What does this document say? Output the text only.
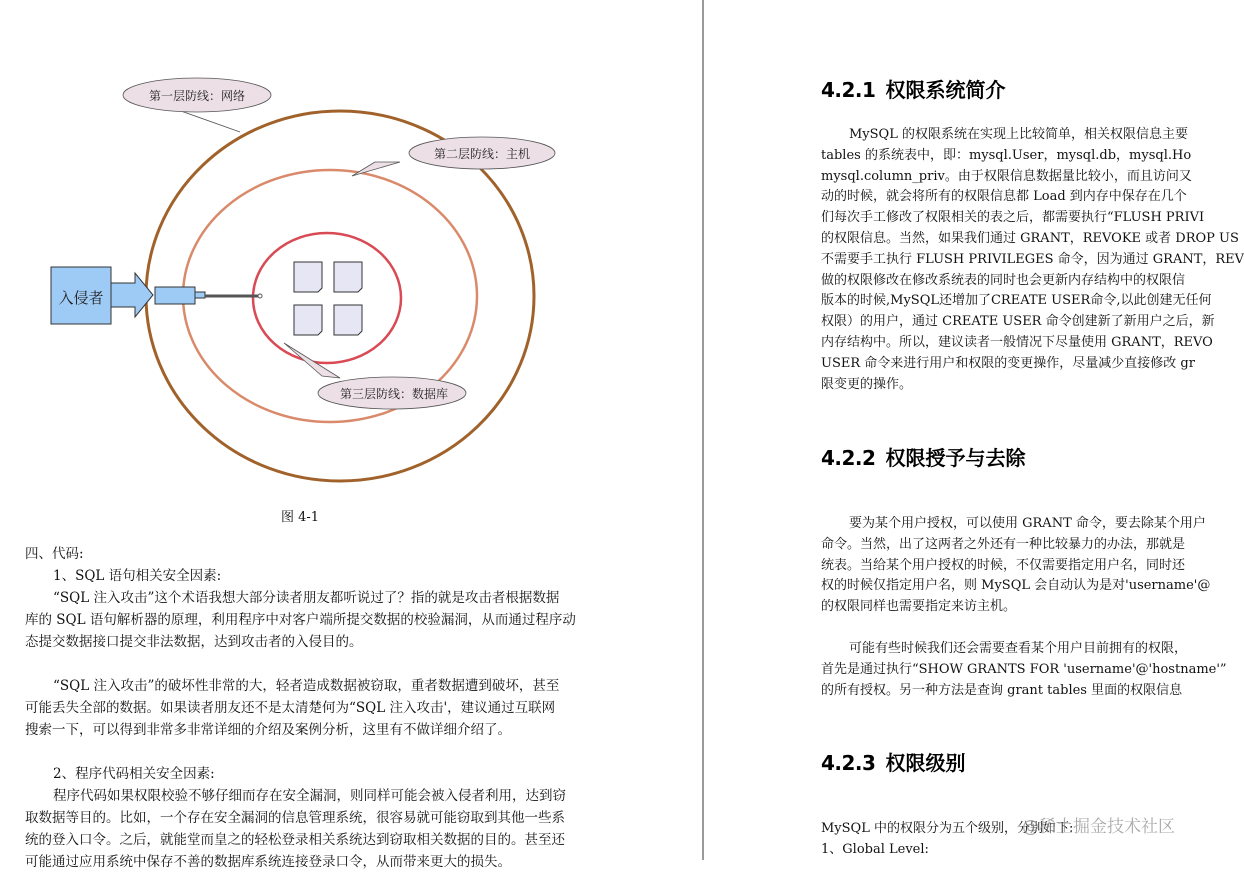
入侵者
第一层防线：网络
第二层防线：主机
第三层防线：数据库
图 4-1

四、代码:

1、SQL 语句相关安全因素:

“SQL 注入攻击”这个术语我想大部分读者朋友都听说过了？指的就是攻击者根据数据

库的 SQL 语句解析器的原理，利用程序中对客户端所提交数据的校验漏洞，从而通过程序动

态提交数据接口提交非法数据，达到攻击者的入侵目的。

“SQL 注入攻击”的破坏性非常的大，轻者造成数据被窃取，重者数据遭到破坏，甚至

可能丢失全部的数据。如果读者朋友还不是太清楚何为“SQL 注入攻击'，建议通过互联网

搜索一下，可以得到非常多非常详细的介绍及案例分析，这里有不做详细介绍了。

2、程序代码相关安全因素:

程序代码如果权限校验不够仔细而存在安全漏洞，则同样可能会被入侵者利用，达到窃

取数据等目的。比如，一个存在安全漏洞的信息管理系统，很容易就可能窃取到其他一些系

统的登入口令。之后，就能堂而皇之的轻松登录相关系统达到窃取相关数据的目的。甚至还

可能通过应用系统中保存不善的数据库系统连接登录口令，从而带来更大的损失。

4.2.1 权限系统简介

MySQL 的权限系统在实现上比较简单，相关权限信息主要

tables 的系统表中，即：mysql.User，mysql.db，mysql.Ho

mysql.column_priv。由于权限信息数据量比较小，而且访问又

动的时候，就会将所有的权限信息都 Load 到内存中保存在几个

们每次手工修改了权限相关的表之后，都需要执行“FLUSH PRIVI

的权限信息。当然，如果我们通过 GRANT，REVOKE 或者 DROP US

不需要手工执行 FLUSH PRIVILEGES 命令，因为通过 GRANT，REV

做的权限修改在修改系统表的同时也会更新内存结构中的权限信

版本的时候,MySQL还增加了CREATE USER命令,以此创建无任何

权限）的用户，通过 CREATE USER 命令创建新了新用户之后，新

内存结构中。所以，建议读者一般情况下尽量使用 GRANT，REVO

USER 命令来进行用户和权限的变更操作，尽量减少直接修改 gr

限变更的操作。

4.2.2 权限授予与去除

要为某个用户授权，可以使用 GRANT 命令，要去除某个用户

命令。当然，出了这两者之外还有一种比较暴力的办法，那就是

统表。当给某个用户授权的时候，不仅需要指定用户名，同时还

权的时候仅指定用户名，则 MySQL 会自动认为是对'username'@

的权限同样也需要指定来访主机。

可能有些时候我们还会需要查看某个用户目前拥有的权限，

首先是通过执行“SHOW GRANTS FOR 'username'@'hostname'”

的所有授权。另一种方法是查询 grant tables 里面的权限信息

4.2.3 权限级别

MySQL 中的权限分为五个级别，分别如下:

1、Global Level:

@稀土掘金技术社区
